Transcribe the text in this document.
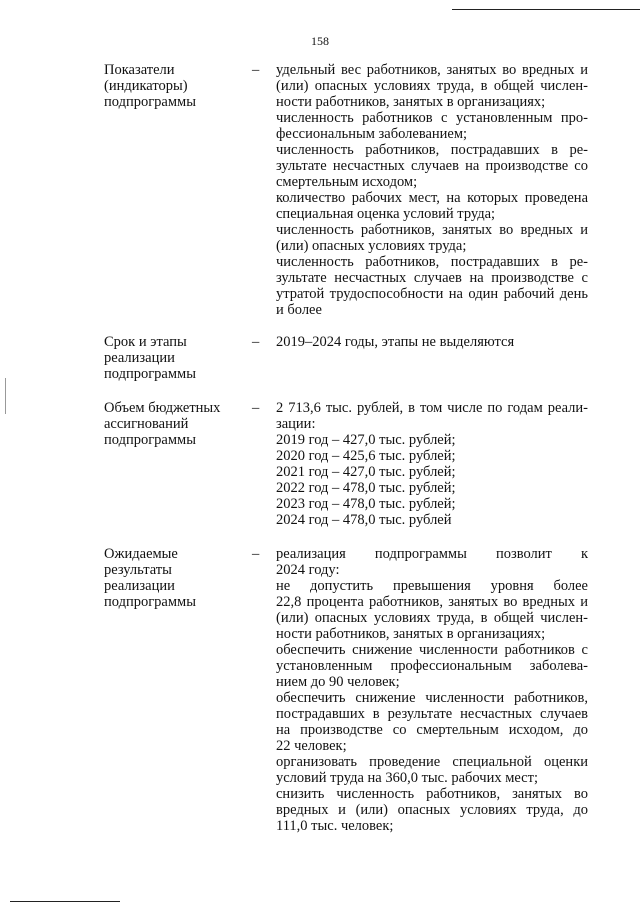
158
Показатели
(индикаторы)
подпрограммы
– удельный вес работников, занятых во вредных и
(или) опасных условиях труда, в общей числен-
ности работников, занятых в организациях;
численность работников с установленным про-
фессиональным заболеванием;
численность работников, пострадавших в ре-
зультате несчастных случаев на производстве со
смертельным исходом;
количество рабочих мест, на которых проведена
специальная оценка условий труда;
численность работников, занятых во вредных и
(или) опасных условиях труда;
численность работников, пострадавших в ре-
зультате несчастных случаев на производстве с
утратой трудоспособности на один рабочий день
и более
Срок и этапы
реализации
подпрограммы
– 2019–2024 годы, этапы не выделяются
Объем бюджетных
ассигнований
подпрограммы
– 2 713,6 тыс. рублей, в том числе по годам реали-
зации:
2019 год – 427,0 тыс. рублей;
2020 год – 425,6 тыс. рублей;
2021 год – 427,0 тыс. рублей;
2022 год – 478,0 тыс. рублей;
2023 год – 478,0 тыс. рублей;
2024 год – 478,0 тыс. рублей
Ожидаемые
результаты
реализации
подпрограммы
– реализация подпрограммы позволит к
2024 году:
не допустить превышения уровня более
22,8 процента работников, занятых во вредных и
(или) опасных условиях труда, в общей числен-
ности работников, занятых в организациях;
обеспечить снижение численности работников с
установленным профессиональным заболева-
нием до 90 человек;
обеспечить снижение численности работников,
пострадавших в результате несчастных случаев
на производстве со смертельным исходом, до
22 человек;
организовать проведение специальной оценки
условий труда на 360,0 тыс. рабочих мест;
снизить численность работников, занятых во
вредных и (или) опасных условиях труда, до
111,0 тыс. человек;
